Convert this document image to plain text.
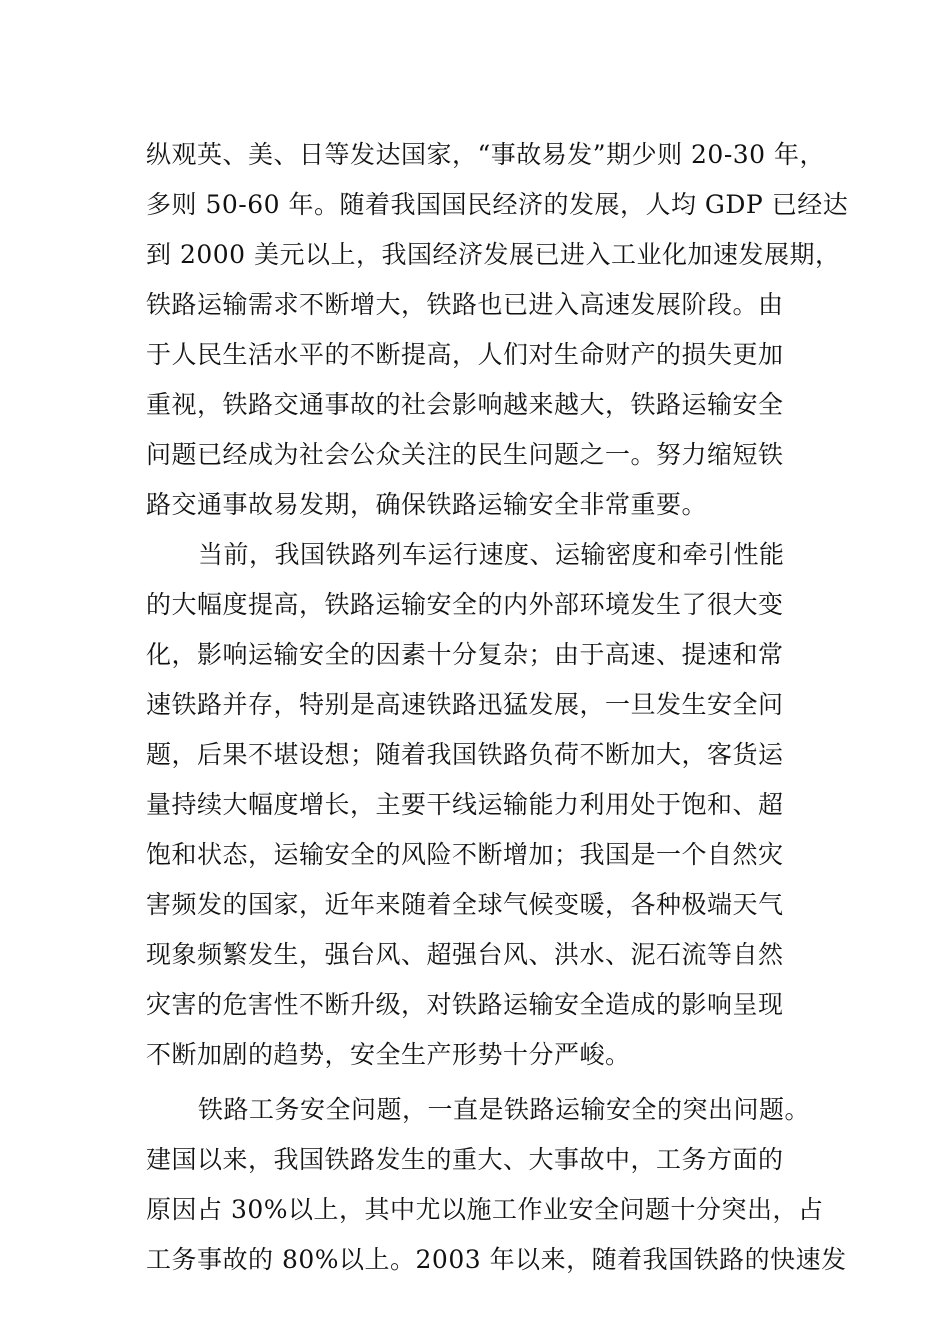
纵观英、美、日等发达国家，“事故易发”期少则 20-30 年，
多则 50-60 年。随着我国国民经济的发展，人均 GDP 已经达
到 2000 美元以上，我国经济发展已进入工业化加速发展期，
铁路运输需求不断增大，铁路也已进入高速发展阶段。由
于人民生活水平的不断提高，人们对生命财产的损失更加
重视，铁路交通事故的社会影响越来越大，铁路运输安全
问题已经成为社会公众关注的民生问题之一。努力缩短铁
路交通事故易发期，确保铁路运输安全非常重要。
当前，我国铁路列车运行速度、运输密度和牵引性能
的大幅度提高，铁路运输安全的内外部环境发生了很大变
化，影响运输安全的因素十分复杂；由于高速、提速和常
速铁路并存，特别是高速铁路迅猛发展，一旦发生安全问
题，后果不堪设想；随着我国铁路负荷不断加大，客货运
量持续大幅度增长，主要干线运输能力利用处于饱和、超
饱和状态，运输安全的风险不断增加；我国是一个自然灾
害频发的国家，近年来随着全球气候变暖，各种极端天气
现象频繁发生，强台风、超强台风、洪水、泥石流等自然
灾害的危害性不断升级，对铁路运输安全造成的影响呈现
不断加剧的趋势，安全生产形势十分严峻。
铁路工务安全问题，一直是铁路运输安全的突出问题。
建国以来，我国铁路发生的重大、大事故中，工务方面的
原因占 30%以上，其中尤以施工作业安全问题十分突出，占
工务事故的 80%以上。2003 年以来，随着我国铁路的快速发
